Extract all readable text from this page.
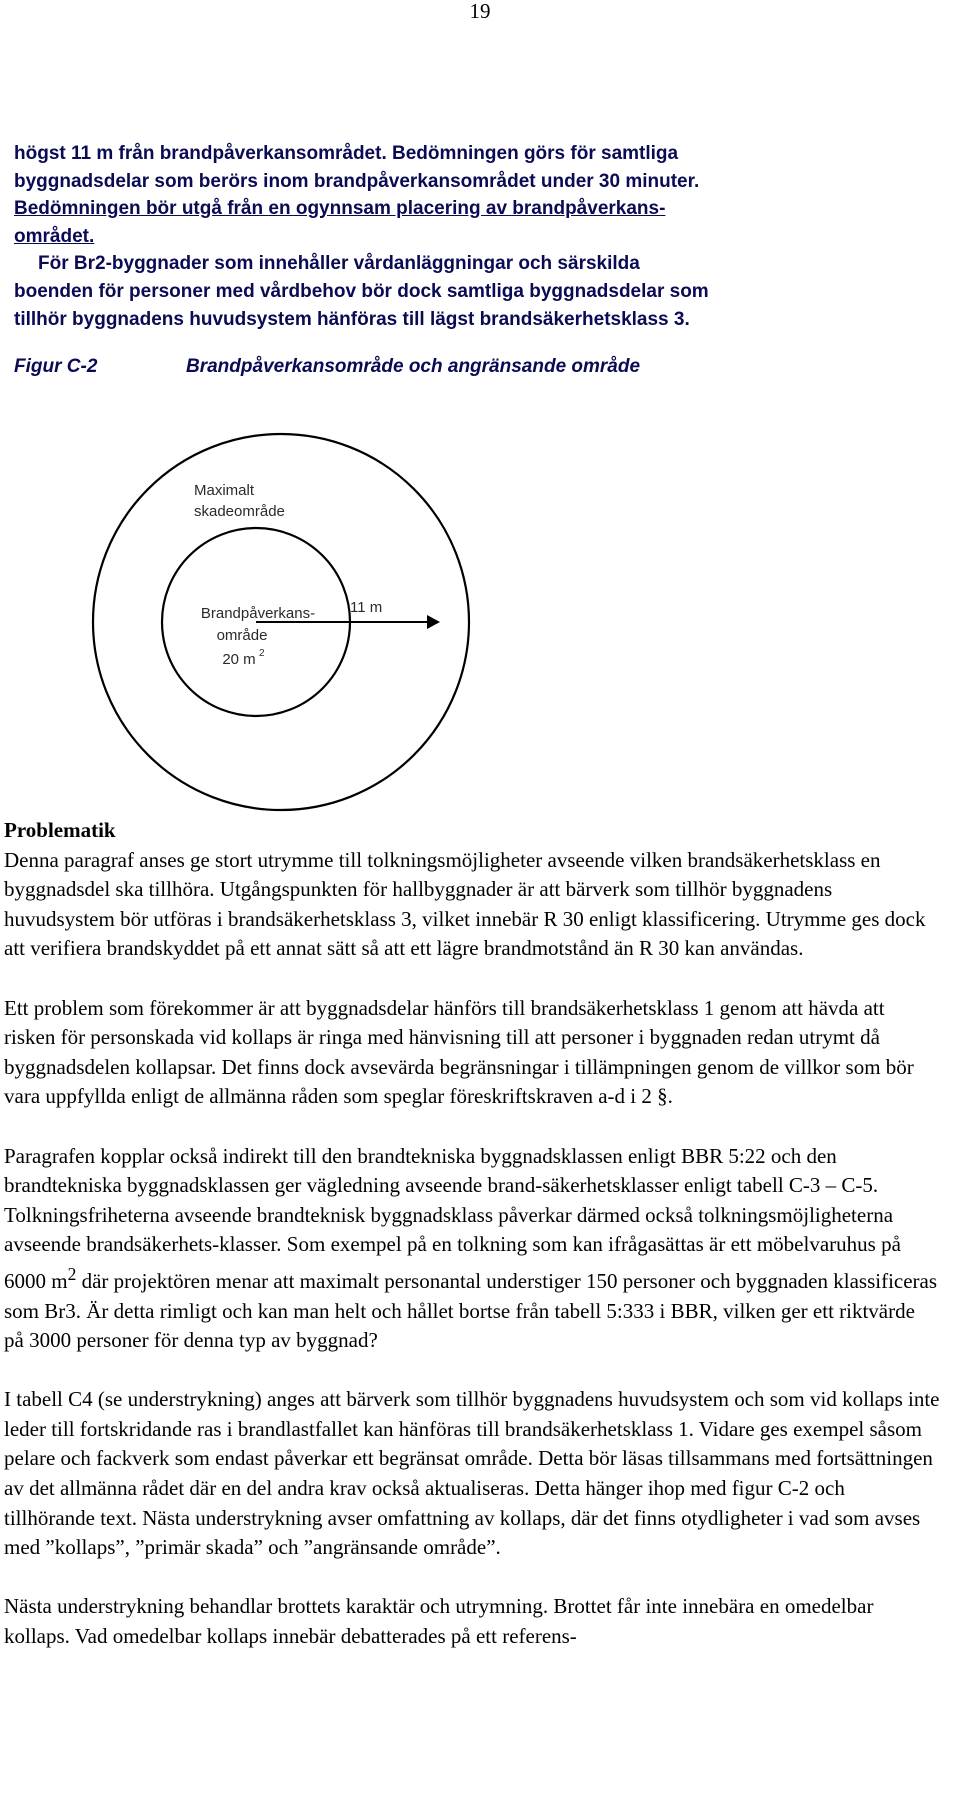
19

högst 11 m från brandpåverkansområdet. Bedömningen görs för samtliga

byggnadsdelar som berörs inom brandpåverkansområdet under 30 minuter.

Bedömningen bör utgå från en ogynnsam placering av brandpåverkans-

området.

För Br2-byggnader som innehåller vårdanläggningar och särskilda

boenden för personer med vårdbehov bör dock samtliga byggnadsdelar som

tillhör byggnadens huvudsystem hänföras till lägst brandsäkerhetsklass 3.

Figur C-2	Brandpåverkansområde och angränsande område
Maximalt
skadeområde
Brandpåverkans-
område
20 m 2
11 m
Problematik

Denna paragraf anses ge stort utrymme till tolkningsmöjligheter avseende vilken brandsäkerhetsklass en byggnadsdel ska tillhöra. Utgångspunkten för hallbyggnader är att bärverk som tillhör byggnadens huvudsystem bör utföras i brandsäkerhetsklass 3, vilket innebär R 30 enligt klassificering. Utrymme ges dock att verifiera brandskyddet på ett annat sätt så att ett lägre brandmotstånd än R 30 kan användas.

Ett problem som förekommer är att byggnadsdelar hänförs till brandsäkerhetsklass 1 genom att hävda att risken för personskada vid kollaps är ringa med hänvisning till att personer i byggnaden redan utrymt då byggnadsdelen kollapsar. Det finns dock avsevärda begränsningar i tillämpningen genom de villkor som bör vara uppfyllda enligt de allmänna råden som speglar föreskriftskraven a-d i 2 §.

Paragrafen kopplar också indirekt till den brandtekniska byggnadsklassen enligt BBR 5:22 och den brandtekniska byggnadsklassen ger vägledning avseende brand-säkerhetsklasser enligt tabell C-3 – C-5. Tolkningsfriheterna avseende brandteknisk byggnadsklass påverkar därmed också tolkningsmöjligheterna avseende brandsäkerhets-klasser. Som exempel på en tolkning som kan ifrågasättas är ett möbelvaruhus på 6000 $m^2$ där projektören menar att maximalt personantal understiger 150 personer och byggnaden klassificeras som Br3. Är detta rimligt och kan man helt och hållet bortse från tabell 5:333 i BBR, vilken ger ett riktvärde på 3000 personer för denna typ av byggnad?

I tabell C4 (se understrykning) anges att bärverk som tillhör byggnadens huvudsystem och som vid kollaps inte leder till fortskridande ras i brandlastfallet kan hänföras till brandsäkerhetsklass 1. Vidare ges exempel såsom pelare och fackverk som endast påverkar ett begränsat område. Detta bör läsas tillsammans med fortsättningen av det allmänna rådet där en del andra krav också aktualiseras. Detta hänger ihop med figur C-2 och tillhörande text. Nästa understrykning avser omfattning av kollaps, där det finns otydligheter i vad som avses med ”kollaps”, ”primär skada” och ”angränsande område”.

Nästa understrykning behandlar brottets karaktär och utrymning. Brottet får inte innebära en omedelbar kollaps. Vad omedelbar kollaps innebär debatterades på ett referens-
